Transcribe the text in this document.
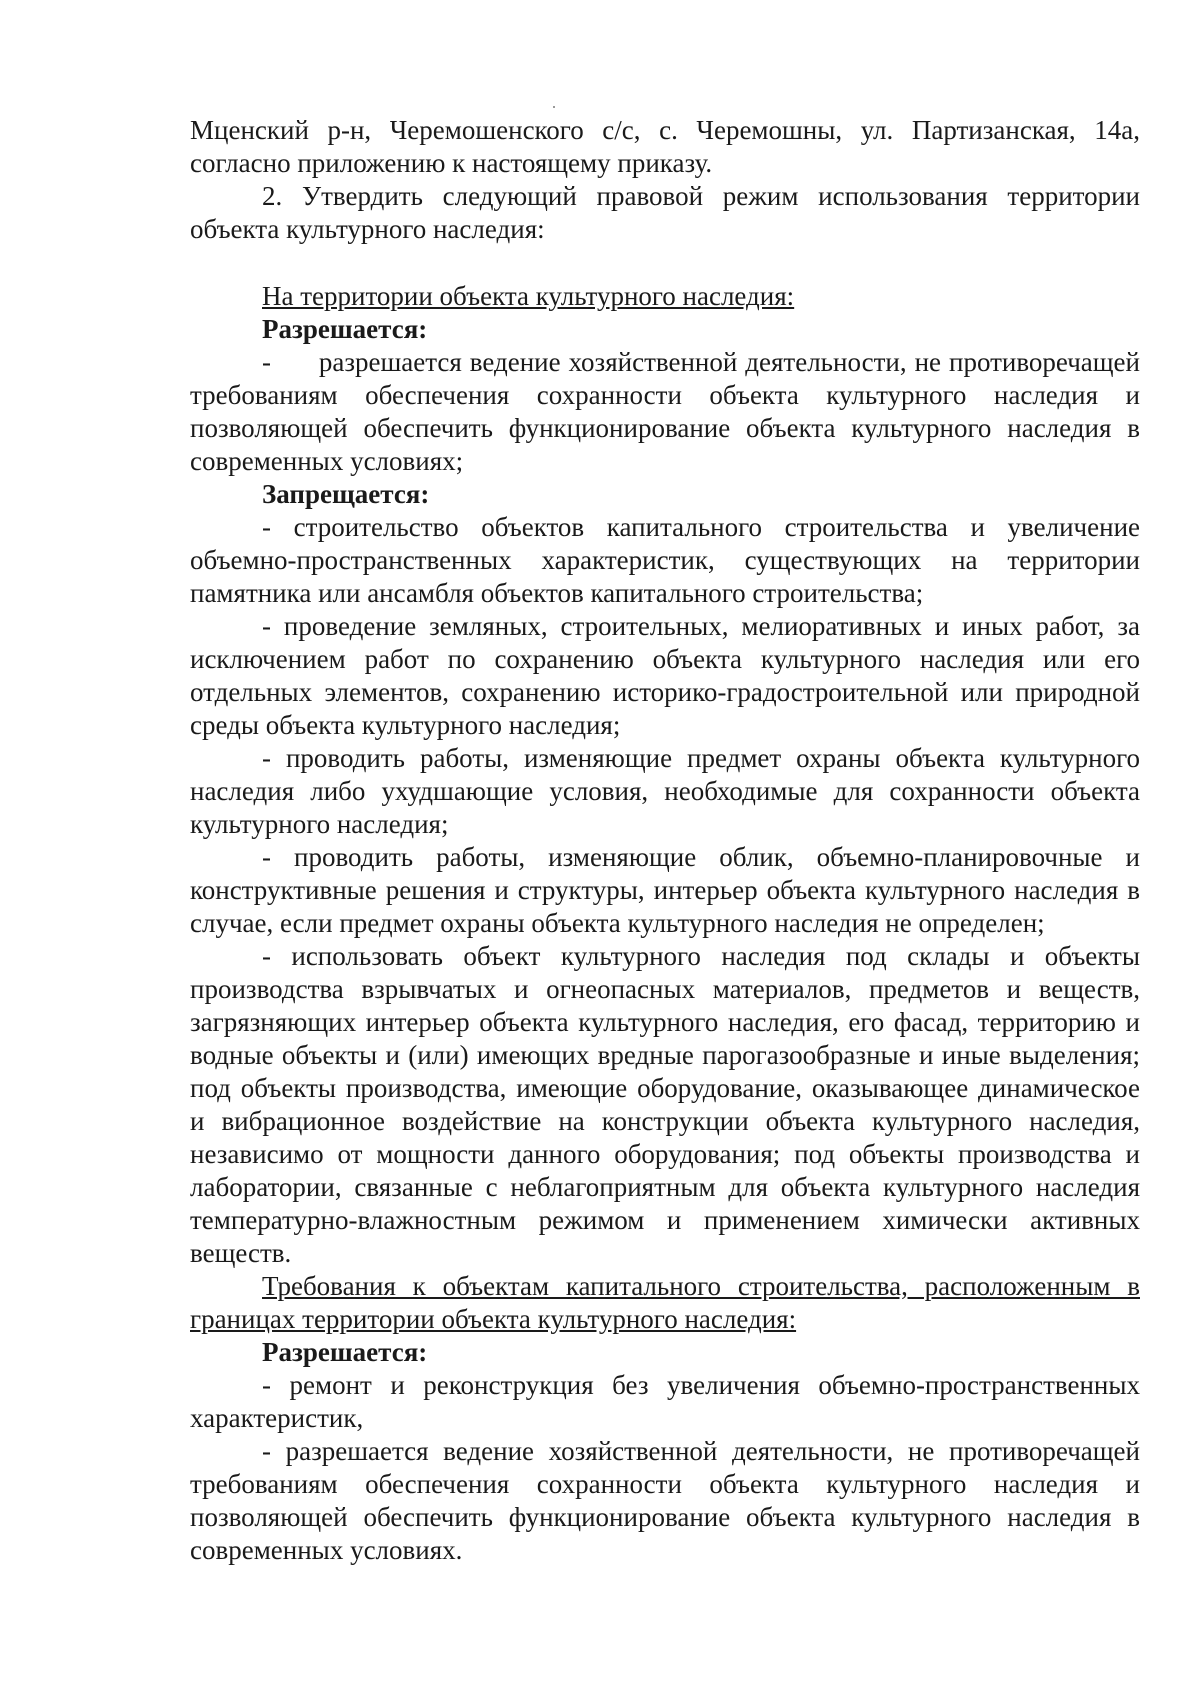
Мценский р-н, Черемошенского с/с, с. Черемошны, ул. Партизанская, 14а, согласно приложению к настоящему приказу.

2. Утвердить следующий правовой режим использования территории объекта культурного наследия:

На территории объекта культурного наследия:

Разрешается:

-      разрешается ведение хозяйственной деятельности, не противоречащей требованиям обеспечения сохранности объекта культурного наследия и позволяющей обеспечить функционирование объекта культурного наследия в современных условиях;

Запрещается:

- строительство объектов капитального строительства и увеличение объемно-пространственных характеристик, существующих на территории памятника или ансамбля объектов капитального строительства;

- проведение земляных, строительных, мелиоративных и иных работ, за исключением работ по сохранению объекта культурного наследия или его отдельных элементов, сохранению историко-градостроительной или природной среды объекта культурного наследия;

- проводить работы, изменяющие предмет охраны объекта культурного наследия либо ухудшающие условия, необходимые для сохранности объекта культурного наследия;

- проводить работы, изменяющие облик, объемно-планировочные и конструктивные решения и структуры, интерьер объекта культурного наследия в случае, если предмет охраны объекта культурного наследия не определен;

- использовать объект культурного наследия под склады и объекты производства взрывчатых и огнеопасных материалов, предметов и веществ, загрязняющих интерьер объекта культурного наследия, его фасад, территорию и водные объекты и (или) имеющих вредные парогазообразные и иные выделения; под объекты производства, имеющие оборудование, оказывающее динамическое и вибрационное воздействие на конструкции объекта культурного наследия, независимо от мощности данного оборудования; под объекты производства и лаборатории, связанные с неблагоприятным для объекта культурного наследия температурно-влажностным режимом и применением химически активных веществ.

Требования к объектам капитального строительства, расположенным в границах территории объекта культурного наследия:

Разрешается:

- ремонт и реконструкция без увеличения объемно-пространственных характеристик,

- разрешается ведение хозяйственной деятельности, не противоречащей требованиям обеспечения сохранности объекта культурного наследия и позволяющей обеспечить функционирование объекта культурного наследия в современных условиях.
